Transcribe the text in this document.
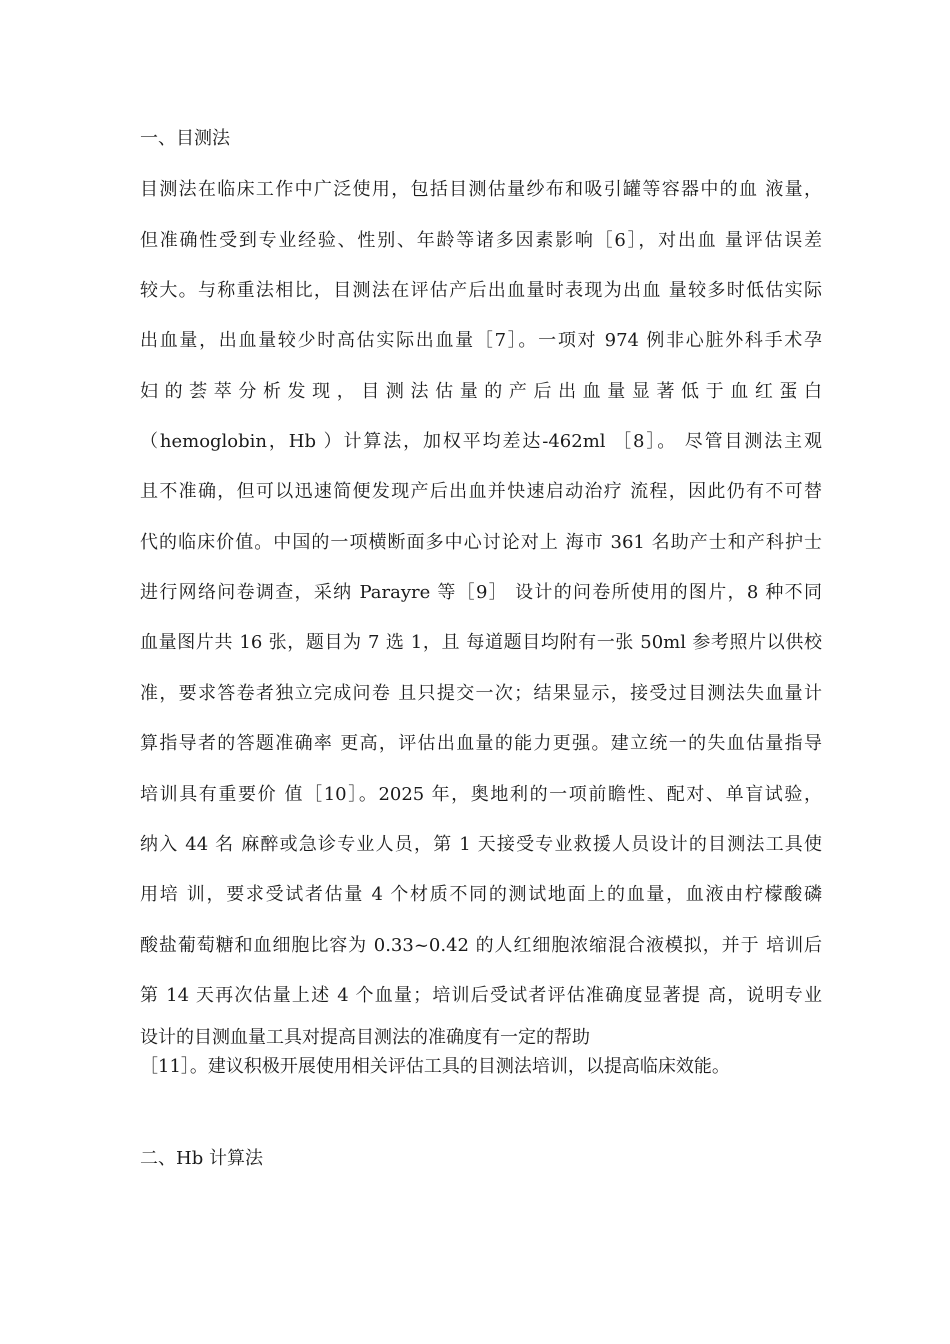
一、目测法
目测法在临床工作中广泛使用，包括目测估量纱布和吸引罐等容器中的血 液量，
但准确性受到专业经验、性别、年龄等诸多因素影响［6］，对出血 量评估误差
较大。与称重法相比，目测法在评估产后出血量时表现为出血 量较多时低估实际
出血量，出血量较少时高估实际出血量［7］。一项对 974 例非心脏外科手术孕
妇 的 荟 萃 分 析 发 现 ， 目 测 法 估 量 的 产 后 出 血 量 显 著 低 于 血 红 蛋 白
（hemoglobin，Hb ）计算法，加权平均差达-462ml ［8］。 尽管目测法主观
且不准确，但可以迅速简便发现产后出血并快速启动治疗 流程，因此仍有不可替
代的临床价值。中国的一项横断面多中心讨论对上 海市 361 名助产士和产科护士
进行网络问卷调查，采纳 Parayre 等［9］ 设计的问卷所使用的图片，8 种不同
血量图片共 16 张，题目为 7 选 1，且 每道题目均附有一张 50ml 参考照片以供校
准，要求答卷者独立完成问卷 且只提交一次；结果显示，接受过目测法失血量计
算指导者的答题准确率 更高，评估出血量的能力更强。建立统一的失血估量指导
培训具有重要价 值［10］。2025 年，奥地利的一项前瞻性、配对、单盲试验，
纳入 44 名 麻醉或急诊专业人员，第 1 天接受专业救援人员设计的目测法工具使
用培 训，要求受试者估量 4 个材质不同的测试地面上的血量，血液由柠檬酸磷
酸盐葡萄糖和血细胞比容为 0.33~0.42 的人红细胞浓缩混合液模拟，并于 培训后
第 14 天再次估量上述 4 个血量；培训后受试者评估准确度显著提 高，说明专业
设计的目测血量工具对提高目测法的准确度有一定的帮助
［11］。建议积极开展使用相关评估工具的目测法培训，以提高临床效能。
二、Hb 计算法
